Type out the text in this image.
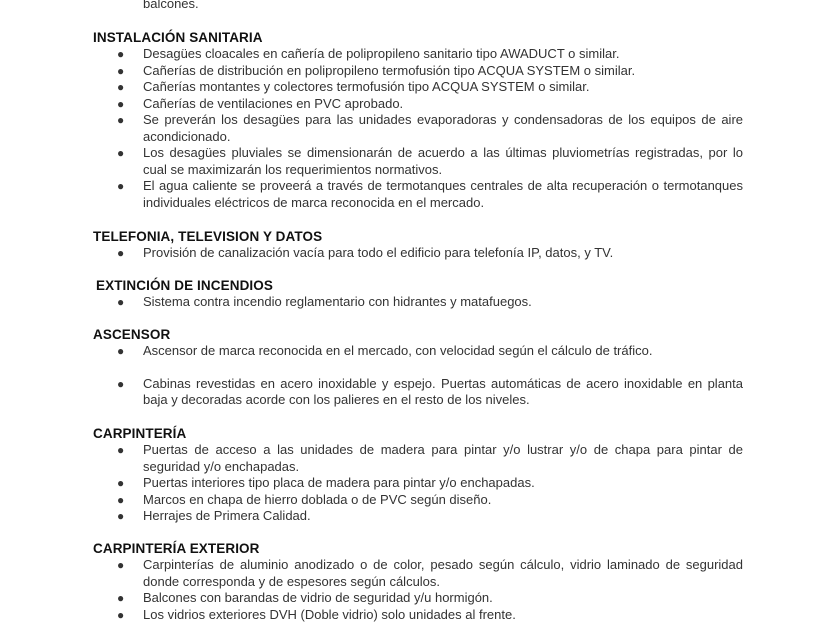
balcones.
INSTALACIÓN SANITARIA
● Desagües cloacales en cañería de polipropileno sanitario tipo AWADUCT o similar.
● Cañerías de distribución en polipropileno termofusión tipo ACQUA SYSTEM o similar.
● Cañerías montantes y colectores termofusión tipo ACQUA SYSTEM o similar.
● Cañerías de ventilaciones en PVC aprobado.
● Se preverán los desagües para las unidades evaporadoras y condensadoras de los equipos de aire acondicionado.
● Los desagües pluviales se dimensionarán de acuerdo a las últimas pluviometrías registradas, por lo cual se maximizarán los requerimientos normativos.
● El agua caliente se proveerá a través de termotanques centrales de alta recuperación o termotanques individuales eléctricos de marca reconocida en el mercado.
TELEFONIA, TELEVISION Y DATOS
● Provisión de canalización vacía para todo el edificio para telefonía IP, datos, y TV.
EXTINCIÓN DE INCENDIOS
● Sistema contra incendio reglamentario con hidrantes y matafuegos.
ASCENSOR
● Ascensor de marca reconocida en el mercado, con velocidad según el cálculo de tráfico.
● Cabinas revestidas en acero inoxidable y espejo. Puertas automáticas de acero inoxidable en planta baja y decoradas acorde con los palieres en el resto de los niveles.
CARPINTERÍA
● Puertas de acceso a las unidades de madera para pintar y/o lustrar y/o de chapa para pintar de seguridad y/o enchapadas.
● Puertas interiores tipo placa de madera para pintar y/o enchapadas.
● Marcos en chapa de hierro doblada o de PVC según diseño.
● Herrajes de Primera Calidad.
CARPINTERÍA EXTERIOR
● Carpinterías de aluminio anodizado o de color, pesado según cálculo, vidrio laminado de seguridad donde corresponda y de espesores según cálculos.
● Balcones con barandas de vidrio de seguridad y/u hormigón.
● Los vidrios exteriores DVH (Doble vidrio) solo unidades al frente.
